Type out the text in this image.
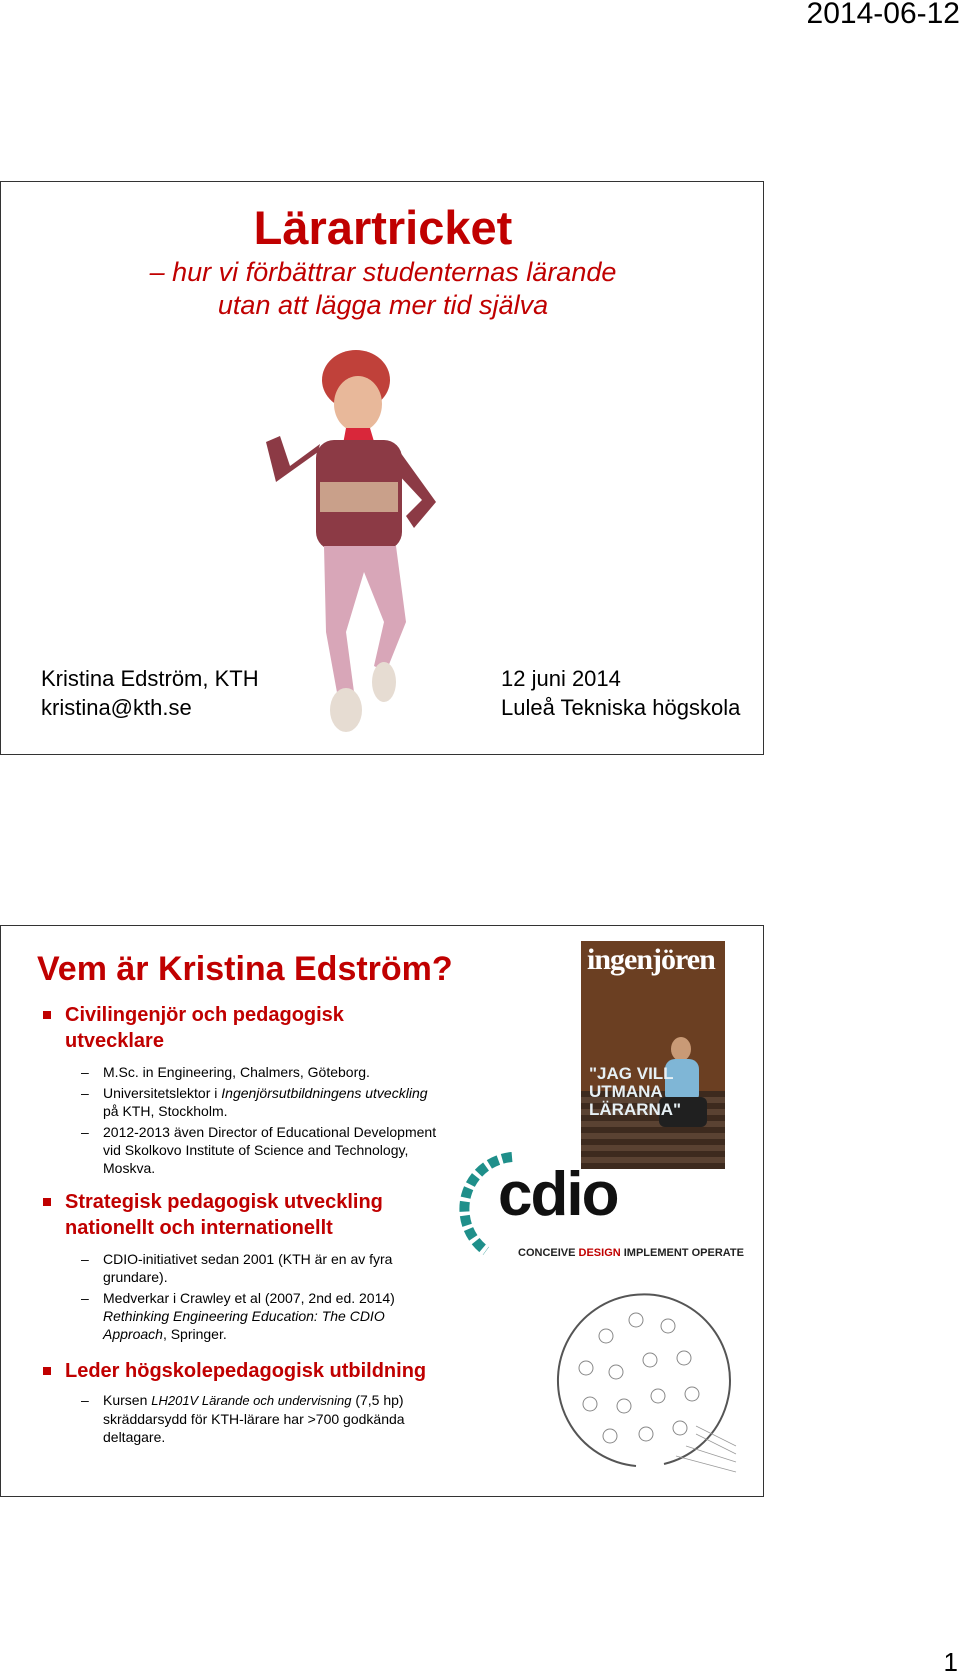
2014-06-12
Lärartricket
– hur vi förbättrar studenternas lärande
utan att lägga mer tid själva
Kristina Edström, KTH
kristina@kth.se
12 juni 2014
Luleå Tekniska högskola
Vem är Kristina Edström?
Civilingenjör och pedagogisk
utvecklare
– M.Sc. in Engineering, Chalmers, Göteborg.
– Universitetslektor i Ingenjörsutbildningens utveckling
på KTH, Stockholm.
– 2012-2013 även Director of Educational Development
vid Skolkovo Institute of Science and Technology,
Moskva.
Strategisk pedagogisk utveckling
nationellt och internationellt
– CDIO-initiativet sedan 2001 (KTH är en av fyra
grundare).
– Medverkar i Crawley et al (2007, 2nd ed. 2014)
Rethinking Engineering Education: The CDIO
Approach, Springer.
Leder högskolepedagogisk utbildning
– Kursen LH201V Lärande och undervisning (7,5 hp)
skräddarsydd för KTH-lärare har >700 godkända
deltagare.
ingenjören
"JAG VILL
UTMANA
LÄRARNA"
cdio
CONCEIVE DESIGN IMPLEMENT OPERATE
1
